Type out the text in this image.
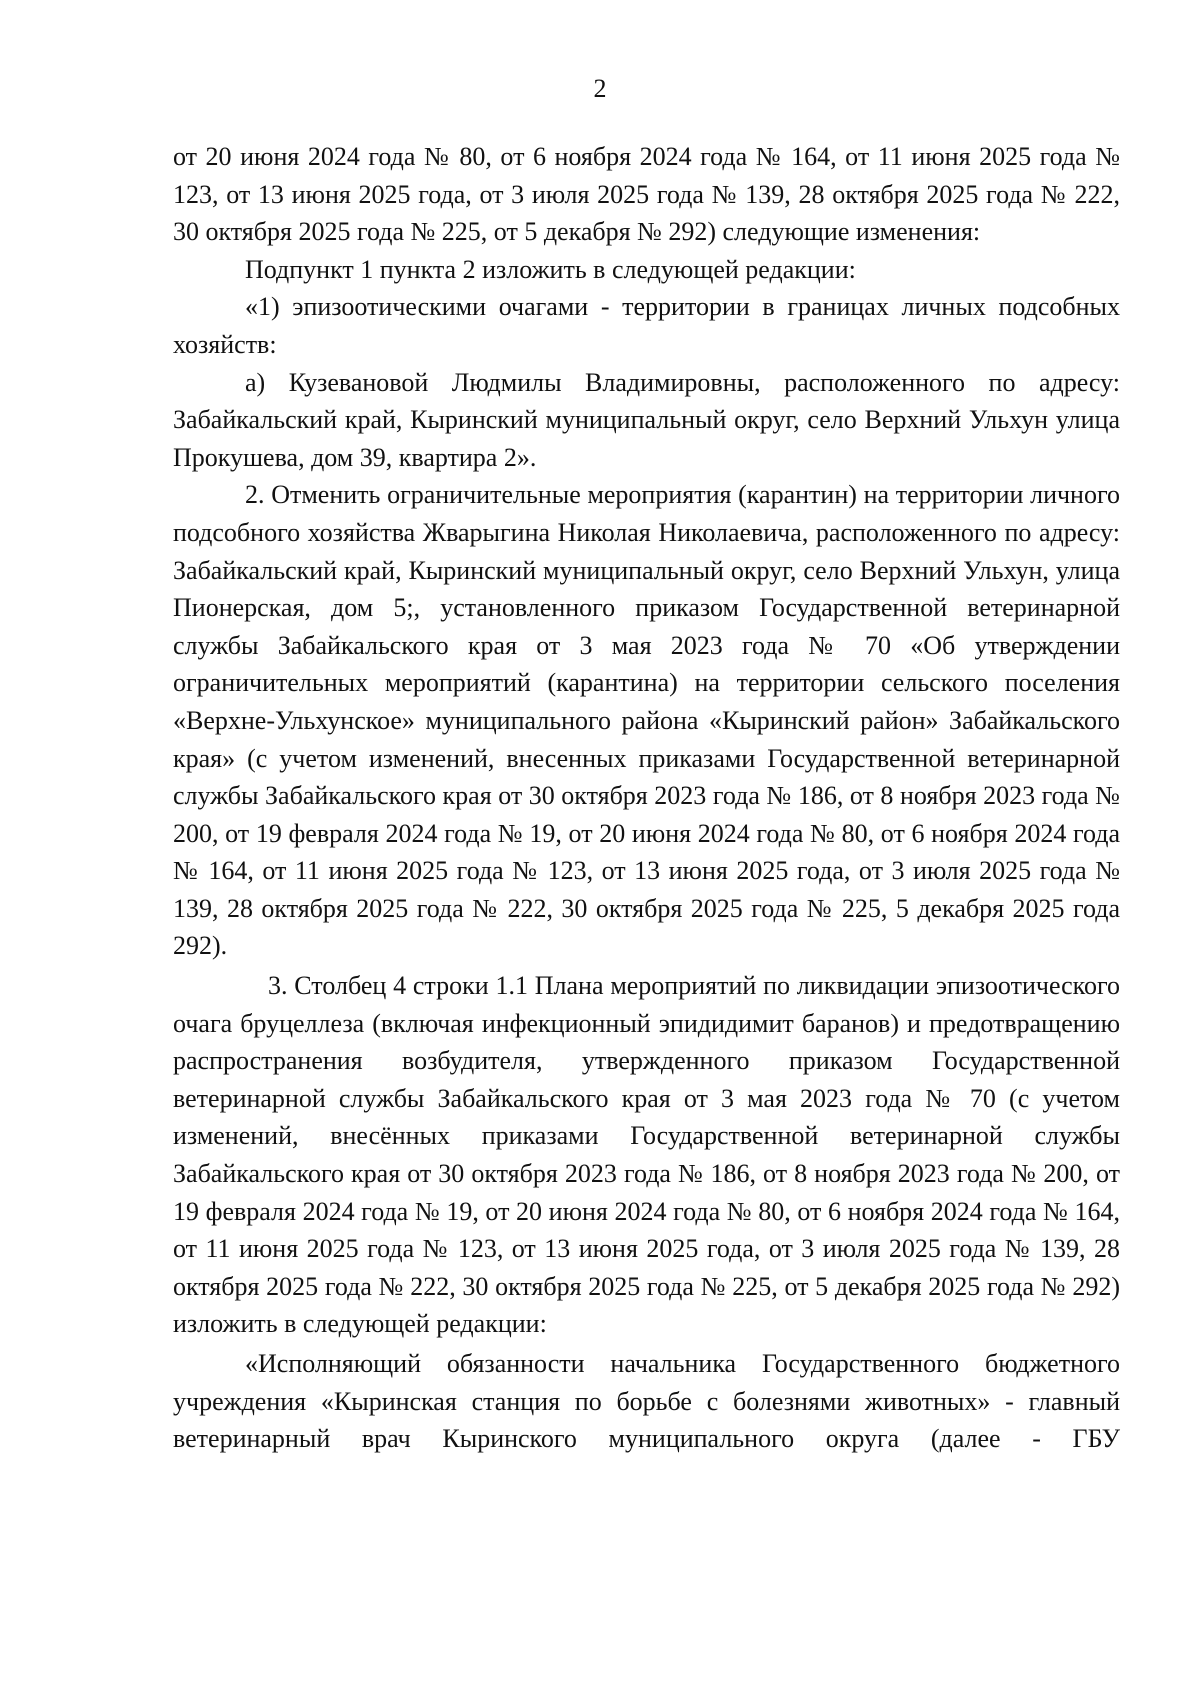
2

от 20 июня 2024 года № 80, от 6 ноября 2024 года № 164, от 11 июня 2025 года № 123, от 13 июня 2025 года, от 3 июля 2025 года № 139, 28 октября 2025 года № 222, 30 октября 2025 года № 225, от 5 декабря № 292) следующие изменения:

Подпункт 1 пункта 2 изложить в следующей редакции:

«1) эпизоотическими очагами - территории в границах личных подсобных хозяйств:

а) Кузевановой Людмилы Владимировны, расположенного по адресу: Забайкальский край, Кыринский муниципальный округ, село Верхний Ульхун улица Прокушева, дом 39, квартира 2».

2. Отменить ограничительные мероприятия (карантин) на территории личного подсобного хозяйства Жварыгина Николая Николаевича, расположенного по адресу: Забайкальский край, Кыринский муниципальный округ, село Верхний Ульхун, улица Пионерская, дом 5;, установленного приказом Государственной ветеринарной службы Забайкальского края от 3 мая 2023 года № 70 «Об утверждении ограничительных мероприятий (карантина) на территории сельского поселения «Верхне-Ульхунское» муниципального района «Кыринский район» Забайкальского края» (с учетом изменений, внесенных приказами Государственной ветеринарной службы Забайкальского края от 30 октября 2023 года № 186, от 8 ноября 2023 года № 200, от 19 февраля 2024 года № 19, от 20 июня 2024 года № 80, от 6 ноября 2024 года № 164, от 11 июня 2025 года № 123, от 13 июня 2025 года, от 3 июля 2025 года № 139, 28 октября 2025 года № 222, 30 октября 2025 года № 225, 5 декабря 2025 года 292).

3. Столбец 4 строки 1.1 Плана мероприятий по ликвидации эпизоотического очага бруцеллеза (включая инфекционный эпидидимит баранов) и предотвращению распространения возбудителя, утвержденного приказом Государственной ветеринарной службы Забайкальского края от 3 мая 2023 года № 70 (с учетом изменений, внесённых приказами Государственной ветеринарной службы Забайкальского края от 30 октября 2023 года № 186, от 8 ноября 2023 года № 200, от 19 февраля 2024 года № 19, от 20 июня 2024 года № 80, от 6 ноября 2024 года № 164, от 11 июня 2025 года № 123, от 13 июня 2025 года, от 3 июля 2025 года № 139, 28 октября 2025 года № 222, 30 октября 2025 года № 225, от 5 декабря 2025 года № 292) изложить в следующей редакции:

«Исполняющий обязанности начальника Государственного бюджетного учреждения «Кыринская станция по борьбе с болезнями животных» - главный ветеринарный врач Кыринского муниципального округа (далее - ГБУ
